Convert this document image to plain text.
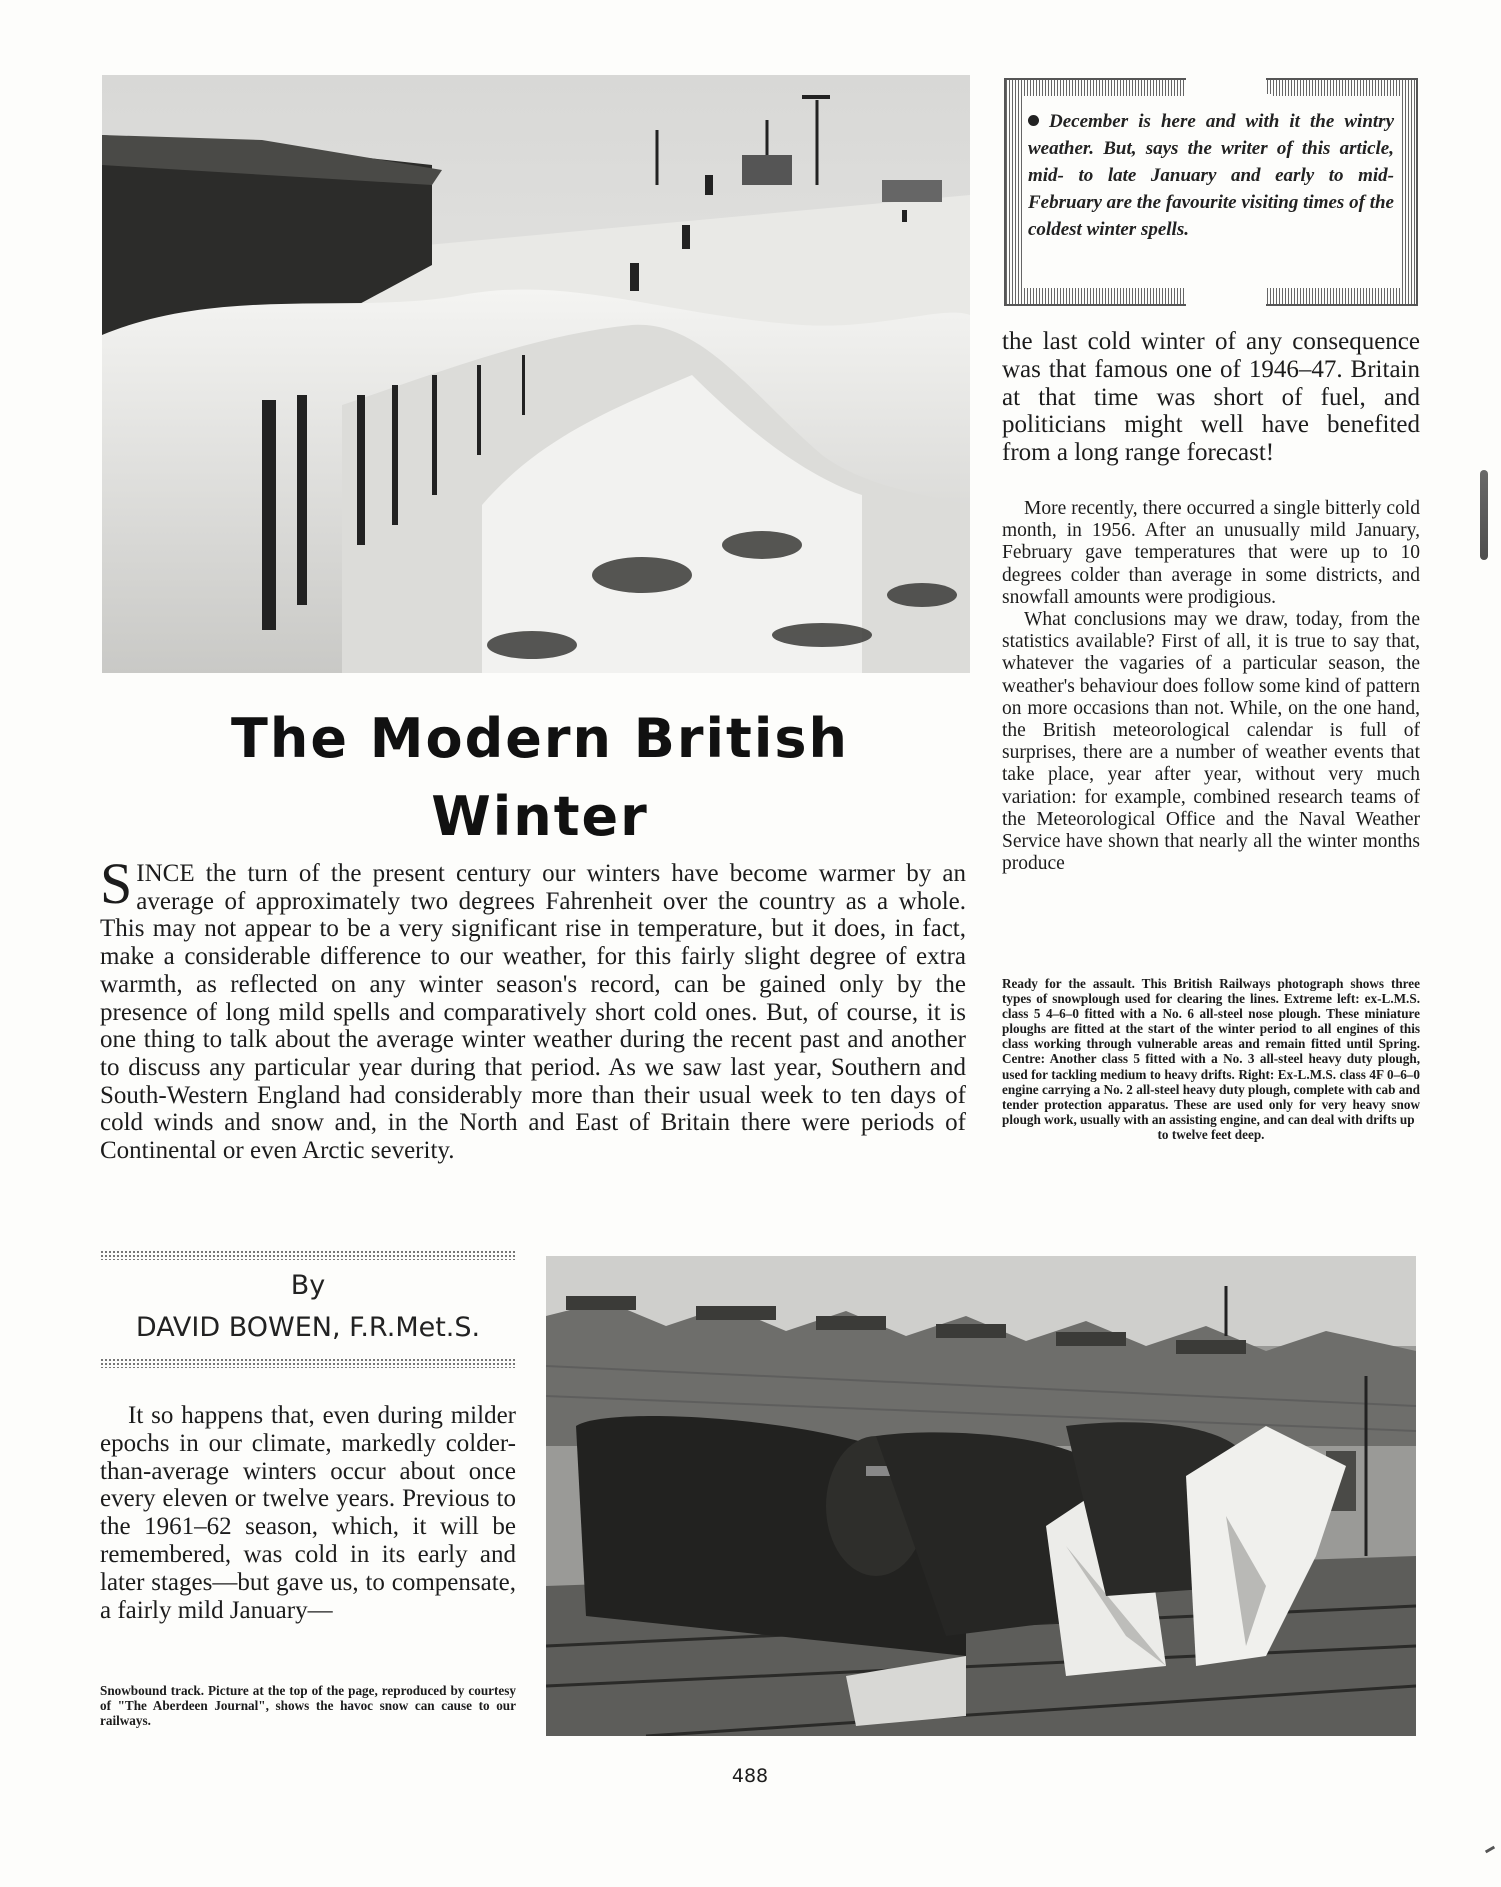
December is here and with it the wintry weather. But, says the writer of this article, mid- to late January and early to mid-February are the favourite visiting times of the coldest winter spells.
the last cold winter of any consequence was that famous one of 1946–47. Britain at that time was short of fuel, and politicians might well have benefited from a long range forecast!

More recently, there occurred a single bitterly cold month, in 1956. After an unusually mild January, February gave temperatures that were up to 10 degrees colder than average in some districts, and snowfall amounts were prodigious.

What conclusions may we draw, today, from the statistics available? First of all, it is true to say that, whatever the vagaries of a particular season, the weather's behaviour does follow some kind of pattern on more occasions than not. While, on the one hand, the British meteorological calendar is full of surprises, there are a number of weather events that take place, year after year, without very much variation: for example, combined research teams of the Meteorological Office and the Naval Weather Service have shown that nearly all the winter months produce

The Modern British
Winter
SINCE the turn of the present century our winters have become warmer by an average of approximately two degrees Fahrenheit over the country as a whole. This may not appear to be a very significant rise in temperature, but it does, in fact, make a considerable difference to our weather, for this fairly slight degree of extra warmth, as reflected on any winter season's record, can be gained only by the presence of long mild spells and comparatively short cold ones. But, of course, it is one thing to talk about the average winter weather during the recent past and another to discuss any particular year during that period. As we saw last year, Southern and South-Western England had considerably more than their usual week to ten days of cold winds and snow and, in the North and East of Britain there were periods of Continental or even Arctic severity.
Ready for the assault. This British Railways photograph shows three types of snowplough used for clearing the lines. Extreme left: ex-L.M.S. class 5 4–6–0 fitted with a No. 6 all-steel nose plough. These miniature ploughs are fitted at the start of the winter period to all engines of this class working through vulnerable areas and remain fitted until Spring. Centre: Another class 5 fitted with a No. 3 all-steel heavy duty plough, used for tackling medium to heavy drifts. Right: Ex-L.M.S. class 4F 0–6–0 engine carrying a No. 2 all-steel heavy duty plough, complete with cab and tender protection apparatus. These are used only for very heavy snow plough work, usually with an assisting engine, and can deal with drifts up
to twelve feet deep.
By
DAVID BOWEN, F.R.Met.S.
It so happens that, even during milder epochs in our climate, markedly colder-than-average winters occur about once every eleven or twelve years. Previous to the 1961–62 season, which, it will be remembered, was cold in its early and later stages—but gave us, to compensate, a fairly mild January—
Snowbound track. Picture at the top of the page, reproduced by courtesy of "The Aberdeen Journal", shows the havoc snow can cause to our railways.
488
